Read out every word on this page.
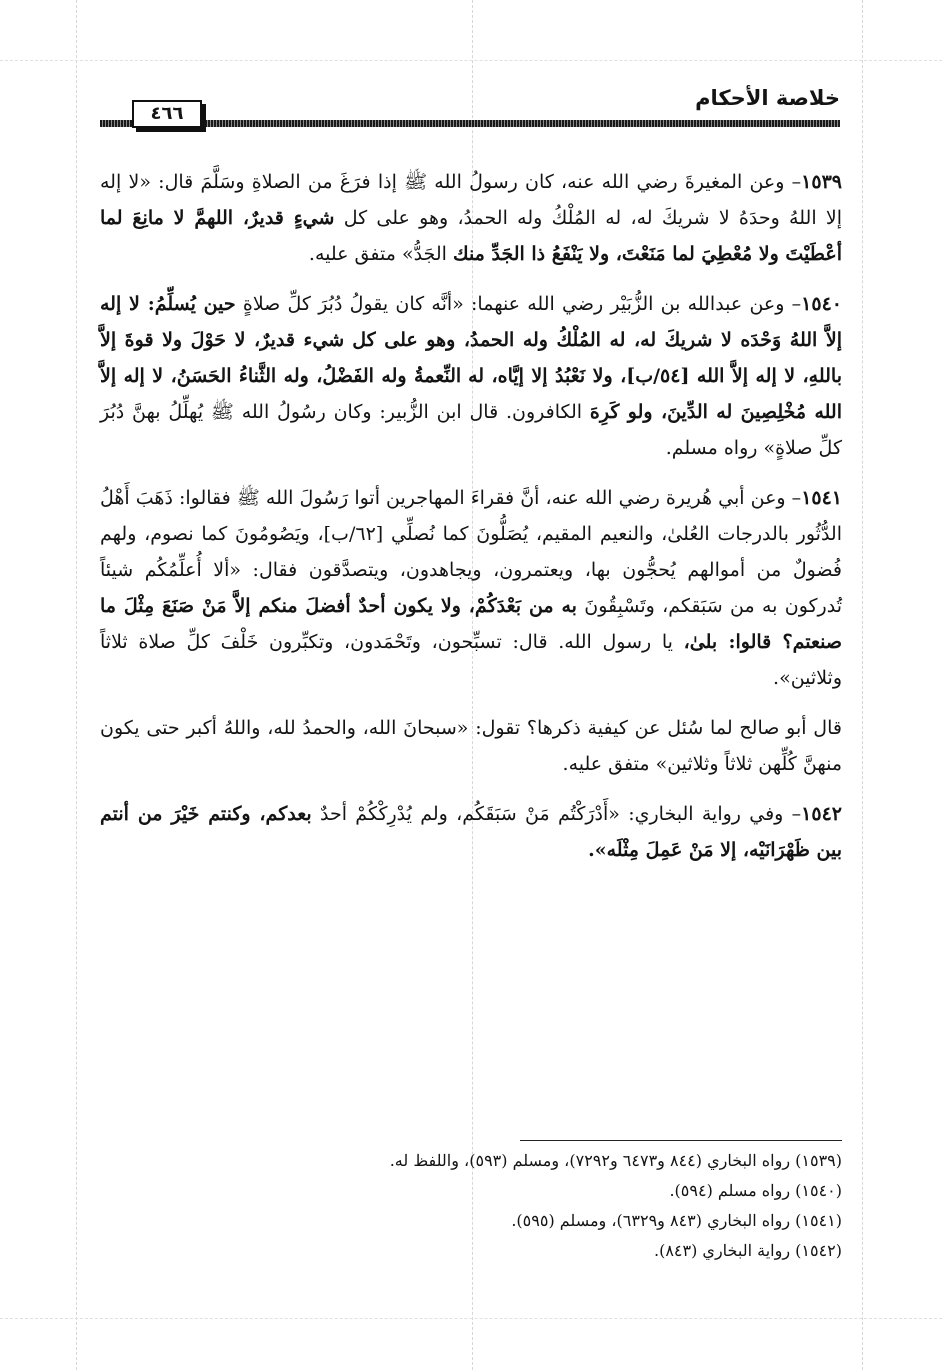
خلاصة الأحكام
٤٦٦

١٥٣٩– وعن المغيرةَ رضي الله عنه، كان رسولُ الله ﷺ إذا فرَغَ من الصلاةِ وسَلَّمَ قال: «لا إله إلا اللهُ وحدَهُ لا شريكَ له، له المُلْكُ وله الحمدُ، وهو على كل شيءٍ قديرٌ، اللهمَّ لا مانِعَ لما أعْطَيْتَ ولا مُعْطِيَ لما مَنَعْتَ، ولا يَنْفَعُ ذا الجَدِّ منك الجَدُّ» متفق عليه.

١٥٤٠– وعن عبدالله بن الزُّبَيْر رضي الله عنهما: «أنَّه كان يقولُ دُبُرَ كلِّ صلاةٍ حين يُسلِّمُ: لا إله إلاَّ اللهُ وَحْدَه لا شريكَ له، له المُلْكُ وله الحمدُ، وهو على كل شيء قديرٌ، لا حَوْلَ ولا قوةَ إلاَّ باللهِ، لا إله إلاَّ الله [٥٤/ب]، ولا نَعْبُدُ إلا إيَّاه، له النِّعمةُ وله الفَضْلُ، وله الثَّناءُ الحَسَنُ، لا إله إلاَّ الله مُخْلِصِينَ له الدِّينَ، ولو كَرِهَ الكافرون. قال ابن الزُّبير: وكان رسُولُ الله ﷺ يُهلِّلُ بهنَّ دُبُرَ كلِّ صلاةٍ» رواه مسلم.

١٥٤١– وعن أبي هُريرة رضي الله عنه، أنَّ فقراءَ المهاجرين أتوا رَسُولَ الله ﷺ فقالوا: ذَهَبَ أَهْلُ الدُّثُور بالدرجات العُلىٰ، والنعيم المقيم، يُصَلُّونَ كما نُصلِّي [٦٢/ب]، ويَصُومُونَ كما نصوم، ولهم فُضولٌ من أموالهم يُحجُّون بها، ويعتمرون، ويجاهدون، ويتصدَّقون فقال: «ألا أُعلِّمُكُم شيئاً تُدركون به من سَبَقكم، وتَسْبِقُونَ به من بَعْدَكُمْ، ولا يكون أحدٌ أفضلَ منكم إلاَّ مَنْ صَنَعَ مِثْلَ ما صنعتم؟ قالوا: بلىٰ، يا رسول الله. قال: تسبِّحون، وتَحْمَدون، وتكبِّرون خَلْفَ كلِّ صلاة ثلاثاً وثلاثين».

قال أبو صالح لما سُئل عن كيفية ذكرها؟ تقول: «سبحانَ الله، والحمدُ لله، واللهُ أكبر حتى يكون منهنَّ كُلِّهن ثلاثاً وثلاثين» متفق عليه.

١٥٤٢– وفي رواية البخاري: «أَدْرَكْتُم مَنْ سَبَقَكُم، ولم يُدْرِكْكُمْ أحدٌ بعدكم، وكنتم خَيْرَ من أنتم بين ظَهْرَانَيْه، إلا مَنْ عَمِلَ مِثْلَه».

(١٥٣٩) رواه البخاري (٨٤٤ و٦٤٧٣ و٧٢٩٢)، ومسلم (٥٩٣)، واللفظ له.

(١٥٤٠) رواه مسلم (٥٩٤).

(١٥٤١) رواه البخاري (٨٤٣ و٦٣٢٩)، ومسلم (٥٩٥).

(١٥٤٢) رواية البخاري (٨٤٣).
